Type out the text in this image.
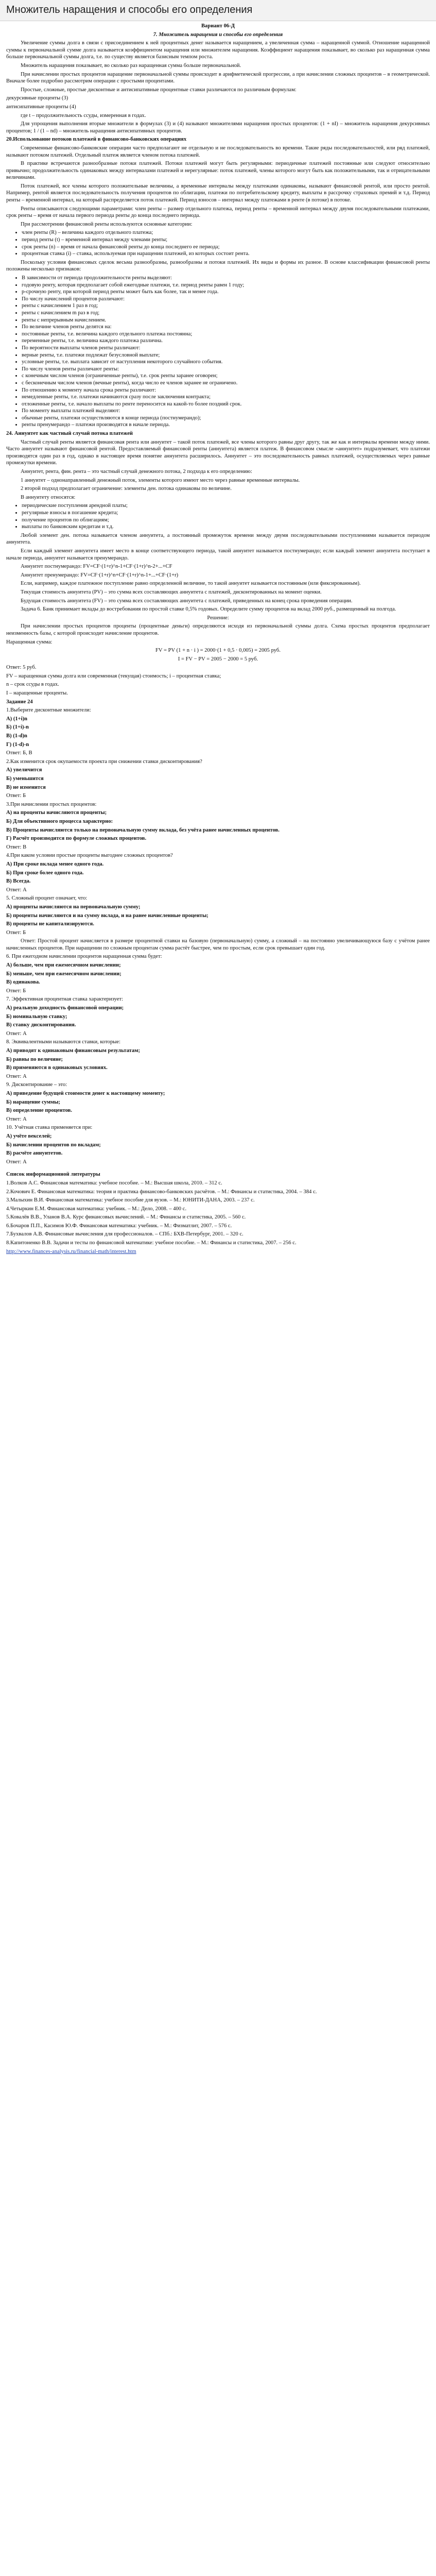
Множитель наращения и способы его определения

Вариант 06-Д

7. Множитель наращения и способы его определения

Увеличение суммы долга в связи с присоединением к ней процентных денег называется наращением, а увеличенная сумма – наращенной суммой. Отношение наращенной суммы к первоначальной сумме долга называется коэффициентом наращения или множителем наращения. Коэффициент наращения показывает, во сколько раз наращенная сумма больше первоначальной суммы долга, т.е. по существу является базисным темпом роста.

Множитель наращения показывает, во сколько раз наращенная сумма больше первоначальной.

При начислении простых процентов наращение первоначальной суммы происходит в арифметической прогрессии, а при начислении сложных процентов – в геометрической. Вначале более подробно рассмотрим операции с простыми процентами.

Простые, сложные, простые дисконтные и антисипативные процентные ставки различаются по различным формулам:

декурсивные проценты (3)

антисипативные проценты (4)

где t – продолжительность ссуды, измеренная в годах.

Для упрощения выполнения вторые множители в формулах (3) и (4) называют множителями наращения простых процентов: (1 + nI) – множитель наращения декурсивных процентов; 1 / (1 – nd) – множитель наращения антисипативных процентов.

20.Использование потоков платежей в финансово-банковских операциях

Современные финансово-банковские операции часто предполагают не отдельную и не последовательность во времени. Такие ряды последовательностей, или ряд платежей, называют потоком платежей. Отдельный платеж является членом потока платежей.

В практике встречаются разнообразные потоки платежей. Потоки платежей могут быть регулярными: периодичные платежей постоянные или следуют относительно привычно; продолжительность одинаковых между интервалами платежей и нерегулярные: поток платежей, члены которого могут быть как положительными, так и отрицательными величинами.

Поток платежей, все члены которого положительные величины, а временные интервалы между платежами одинаковы, называют финансовой рентой, или просто рентой. Например, рентой является последовательность получения процентов по облигации, платежи по потребительскому кредиту, выплаты в рассрочку страховых премий и т.д. Период ренты – временной интервал, на который распределяется поток платежей. Период взносов – интервал между платежами в ренте (в потоке) в потоке.

Ренты описываются следующими параметрами: член ренты – размер отдельного платежа, период ренты – временной интервал между двумя последовательными платежами, срок ренты – время от начала первого периода ренты до конца последнего периода.

При рассмотрении финансовой ренты используются основные категории:

• член ренты (R) – величина каждого отдельного платежа;
• период ренты (t) – временной интервал между членами ренты;
• срок ренты (n) – время от начала финансовой ренты до конца последнего ее периода;
• процентная ставка (i) – ставка, используемая при наращении платежей, из которых состоит рента.

Поскольку условия финансовых сделок весьма разнообразны, разнообразны и потоки платежей. Их виды и формы их разное. В основе классификации финансовой ренты положены несколько признаков:

• В зависимости от периода продолжительности ренты выделяют:
• годовую ренту, которая предполагает собой ежегодные платежи, т.е. период ренты равен 1 году;
• p-срочную ренту, при которой период ренты может быть как более, так и менее года.
• По числу начислений процентов различают:
• ренты с начислением 1 раз в год;
• ренты с начислением m раз в год;
• ренты с непрерывным начислением.
• По величине членов ренты делятся на:
• постоянные ренты, т.е. величина каждого отдельного платежа постоянна;
• переменные ренты, т.е. величина каждого платежа различна.
• По вероятности выплаты членов ренты различают:
• верные ренты, т.е. платежи подлежат безусловной выплате;
• условные ренты, т.е. выплата зависит от наступления некоторого случайного события.
• По числу членов ренты различают ренты:
• с конечным числом членов (ограниченные ренты), т.е. срок ренты заранее оговорен;
• с бесконечным числом членов (вечные ренты), когда число ее членов заранее не ограничено.
• По отношению к моменту начала срока ренты различают:
• немедленные ренты, т.е. платежи начинаются сразу после заключения контракта;
• отложенные ренты, т.е. начало выплаты по ренте переносится на какой-то более поздний срок.
• По моменту выплаты платежей выделяют:
• обычные ренты, платежи осуществляются в конце периода (постнумерандо);
• ренты пренумерандо – платежи производятся в начале периода.

24. Аннуитет как частный случай потока платежей

Частный случай ренты является финансовая рента или аннуитет – такой поток платежей, все члены которого равны друг другу, так же как и интервалы времени между ними. Часто аннуитет называют финансовой рентой. Предоставляемый финансовой ренты (аннуитета) является платеж. В финансовом смысле «аннуитет» подразумевает, что платежи производятся один раз в год, однако в настоящее время понятие аннуитета расширилось. Аннуитет – это последовательность равных платежей, осуществляемых через равные промежутки времени.

Аннуитет, рента, фин. рента – это частный случай денежного потока, 2 подхода к его определению:

1 аннуитет – однонаправленный денежный поток, элементы которого имеют место через равные временные интервалы.

2 второй подход предполагает ограничение: элементы ден. потока одинаковы по величине.

В аннуитету относятся:

• периодические поступления арендной платы;
• регулярные взносы в погашение кредита;
• получение процентов по облигациям;
• выплаты по банковским кредитам и т.д.

Любой элемент ден. потока называется членом аннуитета, а постоянный промежуток времени между двумя последовательными поступлениями называется периодом аннуитета.

Если каждый элемент аннуитета имеет место в конце соответствующего периода, такой аннуитет называется постнумерандо; если каждый элемент аннуитета поступает в начале периода, аннуитет называется пренумерандо.

Аннуитет постнумерандо: FV=CF·(1+r)^n-1+CF·(1+r)^n-2+...+CF

Аннуитет пренумерандо: FV=CF·(1+r)^n+CF·(1+r)^n-1+...+CF·(1+r)

Если, например, каждое платежное поступление равно определенной величине, то такой аннуитет называется постоянным (или фиксированным).

Текущая стоимость аннуитета (PV) – это сумма всех составляющих аннуитета с платежей, дисконтированных на момент оценки.

Будущая стоимость аннуитета (FV) – это сумма всех составляющих аннуитета с платежей, приведенных на конец срока проведения операции.

Задача 6. Банк принимает вклады до востребования по простой ставке 0,5% годовых. Определите сумму процентов на вклад 2000 руб., размещенный на полгода.

Решение:

При начислении простых процентов проценты (процентные деньги) определяются исходя из первоначальной суммы долга. Схема простых процентов предполагает неизменность базы, с которой происходит начисление процентов.

Наращенная сумма:

FV = PV (1 + n · i ) = 2000·(1 + 0,5 · 0,005) = 2005 руб.

I = FV − PV = 2005 − 2000 = 5 руб.

Ответ: 5 руб.

FV – наращенная сумма долга или современная (текущая) стоимость; i – процентная ставка;

n – срок ссуды в годах.

I – наращенные проценты.

Задание 24

1.Выберите дисконтные множители:

А) (1+i)n

Б) (1+i)-n

В) (1-d)n

Г) (1-d)-n

Ответ: Б, В

2.Как изменится срок окупаемости проекта при снижении ставки дисконтирования?

А) увеличится

Б) уменьшится

В) не изменится

Ответ: Б

3.При начислении простых процентов:

А) на проценты начисляются проценты;

Б) Для объективного процесса характерно:

В) Проценты начисляются только на первоначальную сумму вклада, без учёта ранее начисленных процентов.

Г) Расчёт производится по формуле сложных процентов.

Ответ: В

4.При каком условии простые проценты выгоднее сложных процентов?

А) При сроке вклада менее одного года.

Б) При сроке более одного года.

В) Всегда.

Ответ: А

5. Сложный процент означает, что:

А) проценты начисляются на первоначальную сумму;

Б) проценты начисляются и на сумму вклада, и на ранее начисленные проценты;

В) проценты не капитализируются.

Ответ: Б

Ответ: Простой процент начисляется в размере процентной ставки на базовую (первоначальную) сумму, а сложный – на постоянно увеличивающуюся базу с учётом ранее начисленных процентов. При наращении по сложным процентам сумма растёт быстрее, чем по простым, если срок превышает один год.

6. При ежегодном начислении процентов наращенная сумма будет:

А) больше, чем при ежемесячном начислении;

Б) меньше, чем при ежемесячном начислении;

В) одинакова.

Ответ: Б

7. Эффективная процентная ставка характеризует:

А) реальную доходность финансовой операции;

Б) номинальную ставку;

В) ставку дисконтирования.

Ответ: А

8. Эквивалентными называются ставки, которые:

А) приводят к одинаковым финансовым результатам;

Б) равны по величине;

В) применяются в одинаковых условиях.

Ответ: А

9. Дисконтирование – это:

А) приведение будущей стоимости денег к настоящему моменту;

Б) наращение суммы;

В) определение процентов.

Ответ: А

10. Учётная ставка применяется при:

А) учёте векселей;

Б) начислении процентов по вкладам;

В) расчёте аннуитетов.

Ответ: А

Список информационной литературы

1.Волков А.С. Финансовая математика: учебное пособие. – М.: Высшая школа, 2010. – 312 с.

2.Кочович Е. Финансовая математика: теория и практика финансово-банковских расчётов. – М.: Финансы и статистика, 2004. – 384 с.

3.Малыхин В.И. Финансовая математика: учебное пособие для вузов. – М.: ЮНИТИ-ДАНА, 2003. – 237 с.

4.Четыркин Е.М. Финансовая математика: учебник. – М.: Дело, 2008. – 400 с.

5.Ковалёв В.В., Уланов В.А. Курс финансовых вычислений. – М.: Финансы и статистика, 2005. – 560 с.

6.Бочаров П.П., Касимов Ю.Ф. Финансовая математика: учебник. – М.: Физматлит, 2007. – 576 с.

7.Бухвалов А.В. Финансовые вычисления для профессионалов. – СПб.: БХВ-Петербург, 2001. – 320 с.

8.Капитоненко В.В. Задачи и тесты по финансовой математике: учебное пособие. – М.: Финансы и статистика, 2007. – 256 с.

http://www.finances-analysis.ru/financial-math/interest.htm
